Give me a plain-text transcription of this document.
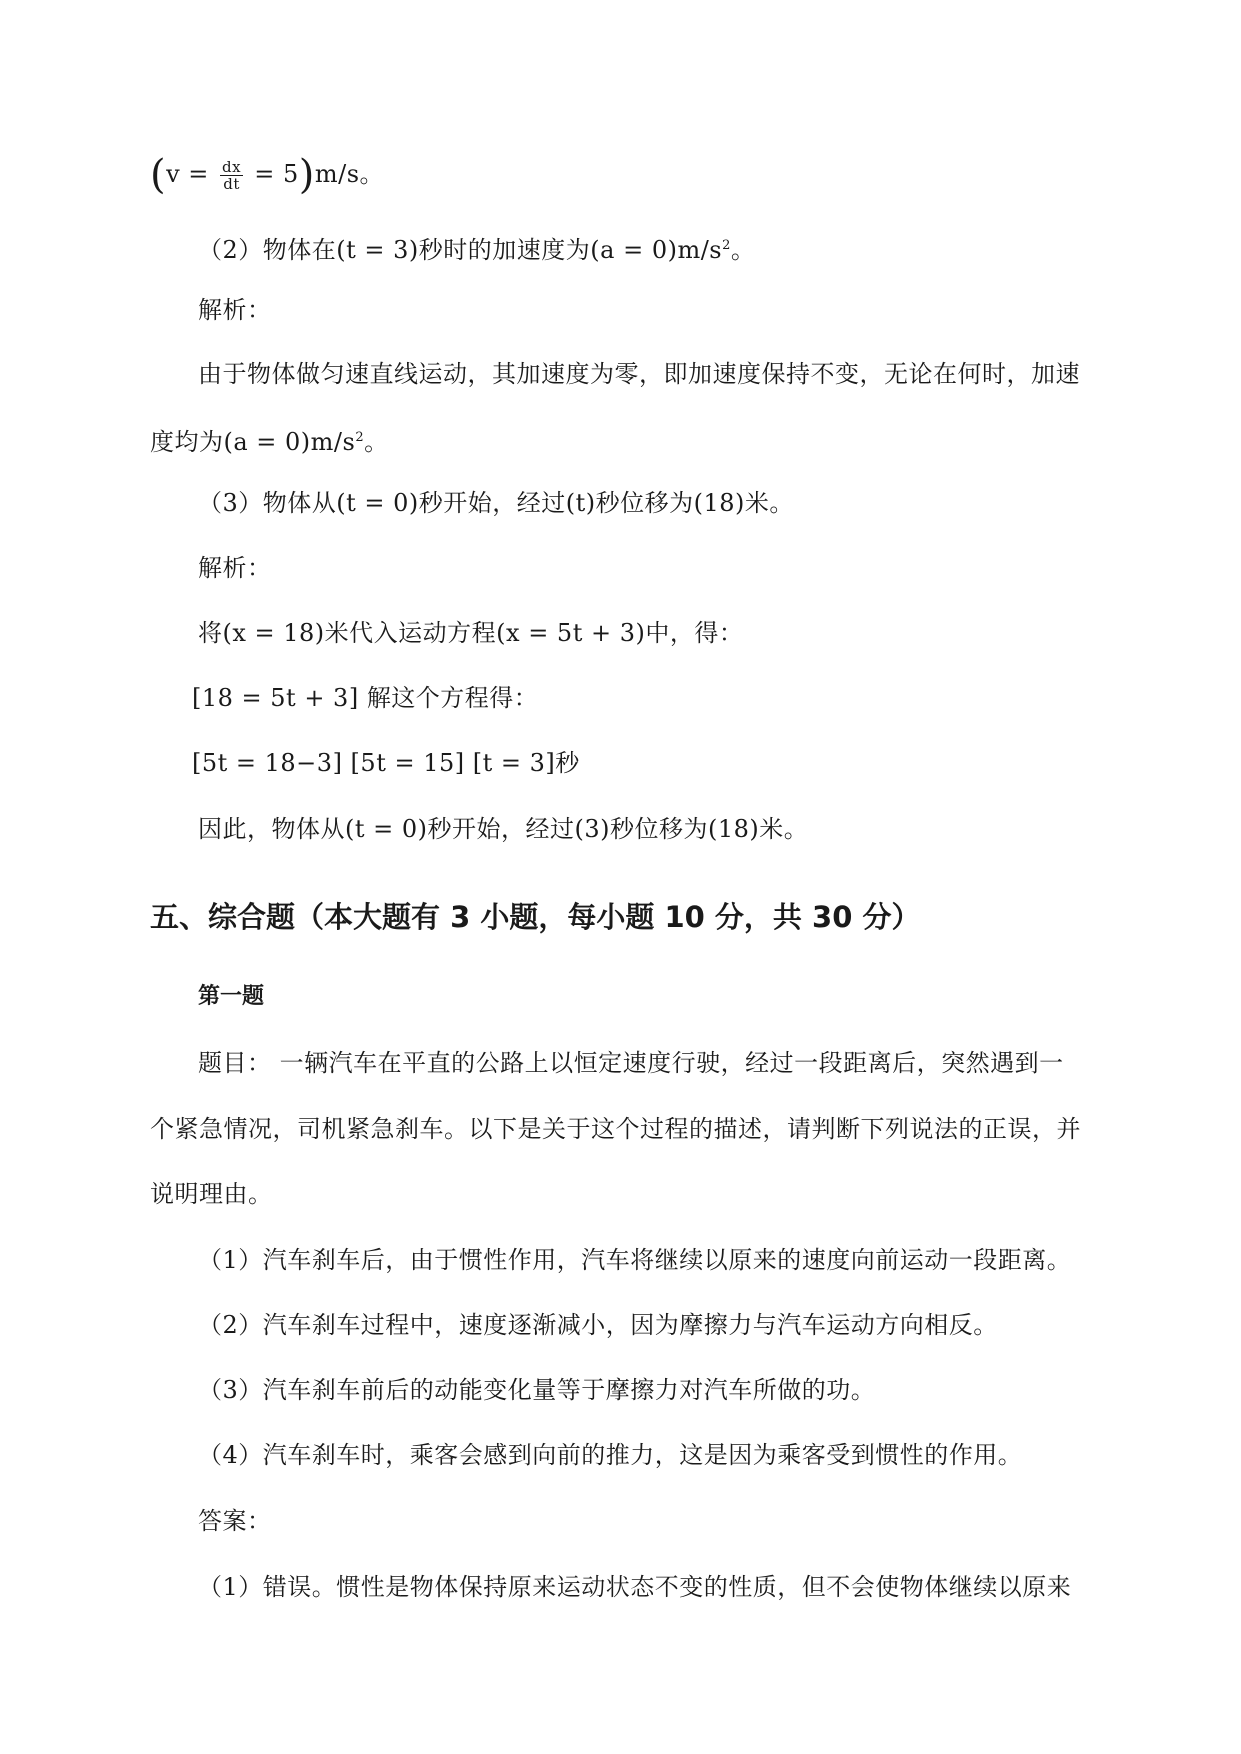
$(v = \frac{dx}{dt} = 5)m/s$。
（2）物体在(t = 3)秒时的加速度为$(a = 0)m/s^2$。
解析：
由于物体做匀速直线运动，其加速度为零，即加速度保持不变，无论在何时，加速
度均为$(a = 0)m/s^2$。
（3）物体从(t = 0)秒开始，经过(t)秒位移为(18)米。
解析：
将(x = 18)米代入运动方程(x = 5t + 3)中，得：
[18 = 5t + 3] 解这个方程得：
[5t = 18−3] [5t = 15] [t = 3]秒
因此，物体从(t = 0)秒开始，经过(3)秒位移为(18)米。
五、综合题（本大题有 3 小题，每小题 10 分，共 30 分）
第一题
题目： 一辆汽车在平直的公路上以恒定速度行驶，经过一段距离后，突然遇到一
个紧急情况，司机紧急刹车。以下是关于这个过程的描述，请判断下列说法的正误，并
说明理由。
（1）汽车刹车后，由于惯性作用，汽车将继续以原来的速度向前运动一段距离。
（2）汽车刹车过程中，速度逐渐减小，因为摩擦力与汽车运动方向相反。
（3）汽车刹车前后的动能变化量等于摩擦力对汽车所做的功。
（4）汽车刹车时，乘客会感到向前的推力，这是因为乘客受到惯性的作用。
答案：
（1）错误。惯性是物体保持原来运动状态不变的性质，但不会使物体继续以原来
